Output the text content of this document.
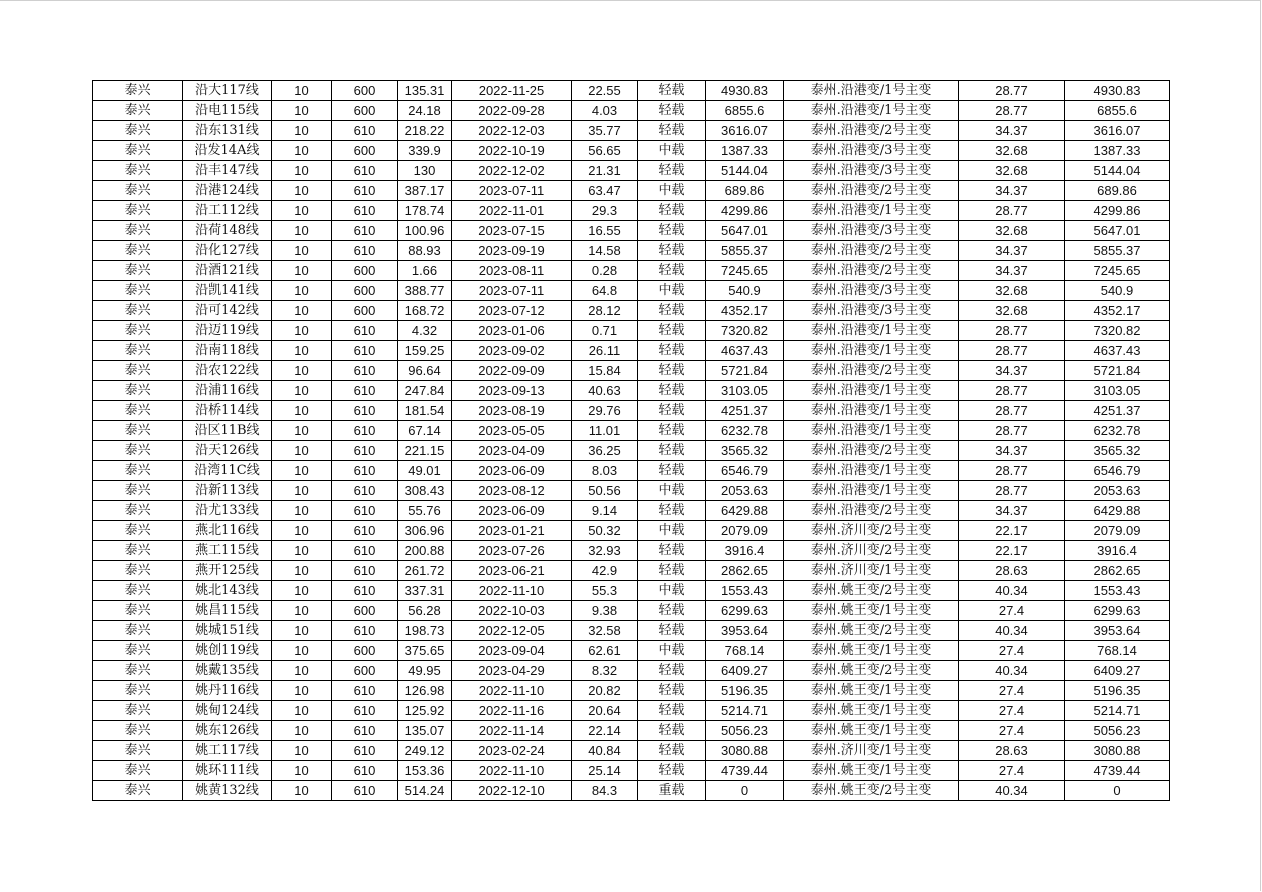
泰兴	沿大117线	10	600	135.31	2022-11-25	22.55	轻载	4930.83	泰州.沿港变/1号主变	28.77	4930.83
泰兴	沿电115线	10	600	24.18	2022-09-28	4.03	轻载	6855.6	泰州.沿港变/1号主变	28.77	6855.6
泰兴	沿东131线	10	610	218.22	2022-12-03	35.77	轻载	3616.07	泰州.沿港变/2号主变	34.37	3616.07
泰兴	沿发14A线	10	600	339.9	2022-10-19	56.65	中载	1387.33	泰州.沿港变/3号主变	32.68	1387.33
泰兴	沿丰147线	10	610	130	2022-12-02	21.31	轻载	5144.04	泰州.沿港变/3号主变	32.68	5144.04
泰兴	沿港124线	10	610	387.17	2023-07-11	63.47	中载	689.86	泰州.沿港变/2号主变	34.37	689.86
泰兴	沿工112线	10	610	178.74	2022-11-01	29.3	轻载	4299.86	泰州.沿港变/1号主变	28.77	4299.86
泰兴	沿荷148线	10	610	100.96	2023-07-15	16.55	轻载	5647.01	泰州.沿港变/3号主变	32.68	5647.01
泰兴	沿化127线	10	610	88.93	2023-09-19	14.58	轻载	5855.37	泰州.沿港变/2号主变	34.37	5855.37
泰兴	沿酒121线	10	600	1.66	2023-08-11	0.28	轻载	7245.65	泰州.沿港变/2号主变	34.37	7245.65
泰兴	沿凯141线	10	600	388.77	2023-07-11	64.8	中载	540.9	泰州.沿港变/3号主变	32.68	540.9
泰兴	沿可142线	10	600	168.72	2023-07-12	28.12	轻载	4352.17	泰州.沿港变/3号主变	32.68	4352.17
泰兴	沿迈119线	10	610	4.32	2023-01-06	0.71	轻载	7320.82	泰州.沿港变/1号主变	28.77	7320.82
泰兴	沿南118线	10	610	159.25	2023-09-02	26.11	轻载	4637.43	泰州.沿港变/1号主变	28.77	4637.43
泰兴	沿农122线	10	610	96.64	2022-09-09	15.84	轻载	5721.84	泰州.沿港变/2号主变	34.37	5721.84
泰兴	沿浦116线	10	610	247.84	2023-09-13	40.63	轻载	3103.05	泰州.沿港变/1号主变	28.77	3103.05
泰兴	沿桥114线	10	610	181.54	2023-08-19	29.76	轻载	4251.37	泰州.沿港变/1号主变	28.77	4251.37
泰兴	沿区11B线	10	610	67.14	2023-05-05	11.01	轻载	6232.78	泰州.沿港变/1号主变	28.77	6232.78
泰兴	沿天126线	10	610	221.15	2023-04-09	36.25	轻载	3565.32	泰州.沿港变/2号主变	34.37	3565.32
泰兴	沿湾11C线	10	610	49.01	2023-06-09	8.03	轻载	6546.79	泰州.沿港变/1号主变	28.77	6546.79
泰兴	沿新113线	10	610	308.43	2023-08-12	50.56	中载	2053.63	泰州.沿港变/1号主变	28.77	2053.63
泰兴	沿尤133线	10	610	55.76	2023-06-09	9.14	轻载	6429.88	泰州.沿港变/2号主变	34.37	6429.88
泰兴	燕北116线	10	610	306.96	2023-01-21	50.32	中载	2079.09	泰州.济川变/2号主变	22.17	2079.09
泰兴	燕工115线	10	610	200.88	2023-07-26	32.93	轻载	3916.4	泰州.济川变/2号主变	22.17	3916.4
泰兴	燕开125线	10	610	261.72	2023-06-21	42.9	轻载	2862.65	泰州.济川变/1号主变	28.63	2862.65
泰兴	姚北143线	10	610	337.31	2022-11-10	55.3	中载	1553.43	泰州.姚王变/2号主变	40.34	1553.43
泰兴	姚昌115线	10	600	56.28	2022-10-03	9.38	轻载	6299.63	泰州.姚王变/1号主变	27.4	6299.63
泰兴	姚城151线	10	610	198.73	2022-12-05	32.58	轻载	3953.64	泰州.姚王变/2号主变	40.34	3953.64
泰兴	姚创119线	10	600	375.65	2023-09-04	62.61	中载	768.14	泰州.姚王变/1号主变	27.4	768.14
泰兴	姚戴135线	10	600	49.95	2023-04-29	8.32	轻载	6409.27	泰州.姚王变/2号主变	40.34	6409.27
泰兴	姚丹116线	10	610	126.98	2022-11-10	20.82	轻载	5196.35	泰州.姚王变/1号主变	27.4	5196.35
泰兴	姚甸124线	10	610	125.92	2022-11-16	20.64	轻载	5214.71	泰州.姚王变/1号主变	27.4	5214.71
泰兴	姚东126线	10	610	135.07	2022-11-14	22.14	轻载	5056.23	泰州.姚王变/1号主变	27.4	5056.23
泰兴	姚工117线	10	610	249.12	2023-02-24	40.84	轻载	3080.88	泰州.济川变/1号主变	28.63	3080.88
泰兴	姚环111线	10	610	153.36	2022-11-10	25.14	轻载	4739.44	泰州.姚王变/1号主变	27.4	4739.44
泰兴	姚黄132线	10	610	514.24	2022-12-10	84.3	重载	0	泰州.姚王变/2号主变	40.34	0
